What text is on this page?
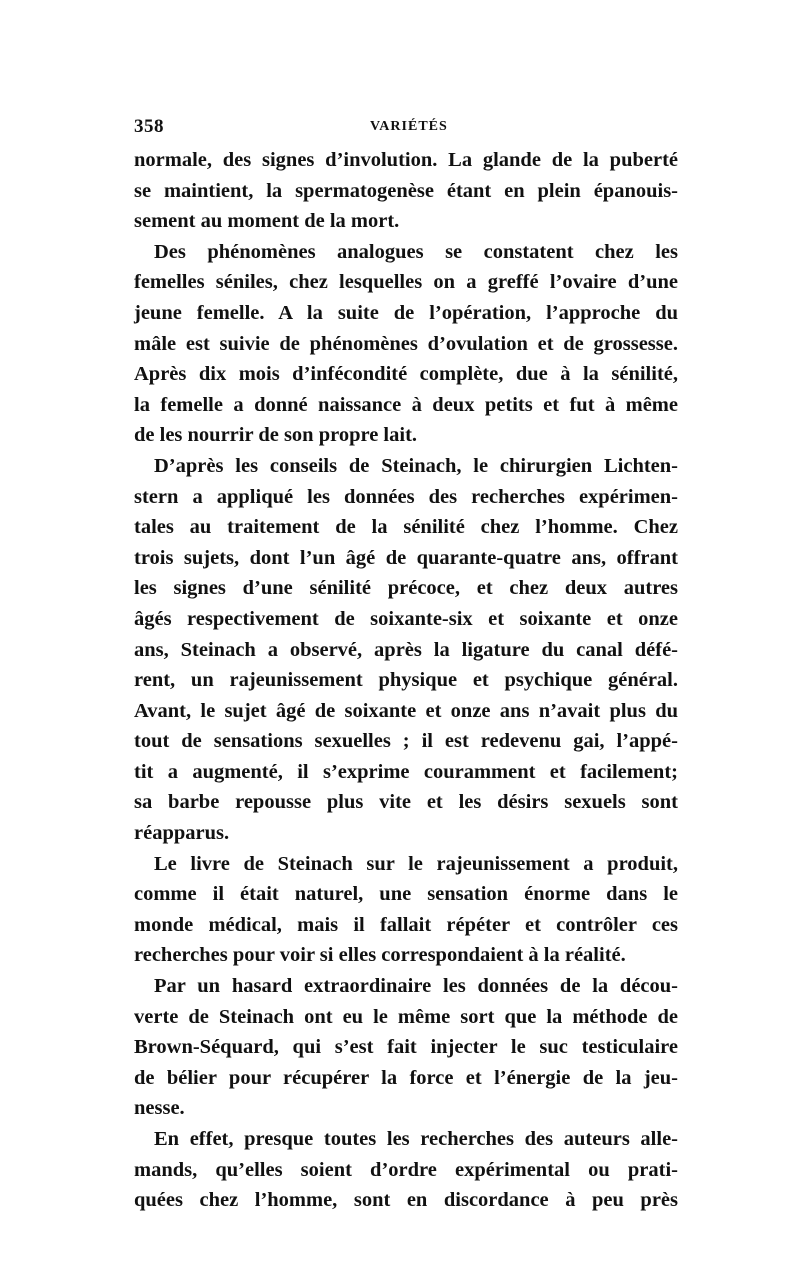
358	VARIÉTÉS
normale, des signes d’involution. La glande de la puberté
se maintient, la spermatogenèse étant en plein épanouis-
sement au moment de la mort.
Des phénomènes analogues se constatent chez les
femelles séniles, chez lesquelles on a greffé l’ovaire d’une
jeune femelle. A la suite de l’opération, l’approche du
mâle est suivie de phénomènes d’ovulation et de grossesse.
Après dix mois d’infécondité complète, due à la sénilité,
la femelle a donné naissance à deux petits et fut à même
de les nourrir de son propre lait.
D’après les conseils de Steinach, le chirurgien Lichten-
stern a appliqué les données des recherches expérimen-
tales au traitement de la sénilité chez l’homme. Chez
trois sujets, dont l’un âgé de quarante-quatre ans, offrant
les signes d’une sénilité précoce, et chez deux autres
âgés respectivement de soixante-six et soixante et onze
ans, Steinach a observé, après la ligature du canal défé-
rent, un rajeunissement physique et psychique général.
Avant, le sujet âgé de soixante et onze ans n’avait plus du
tout de sensations sexuelles ; il est redevenu gai, l’appé-
tit a augmenté, il s’exprime couramment et facilement;
sa barbe repousse plus vite et les désirs sexuels sont
réapparus.
Le livre de Steinach sur le rajeunissement a produit,
comme il était naturel, une sensation énorme dans le
monde médical, mais il fallait répéter et contrôler ces
recherches pour voir si elles correspondaient à la réalité.
Par un hasard extraordinaire les données de la décou-
verte de Steinach ont eu le même sort que la méthode de
Brown-Séquard, qui s’est fait injecter le suc testiculaire
de bélier pour récupérer la force et l’énergie de la jeu-
nesse.
En effet, presque toutes les recherches des auteurs alle-
mands, qu’elles soient d’ordre expérimental ou prati-
quées chez l’homme, sont en discordance à peu près
